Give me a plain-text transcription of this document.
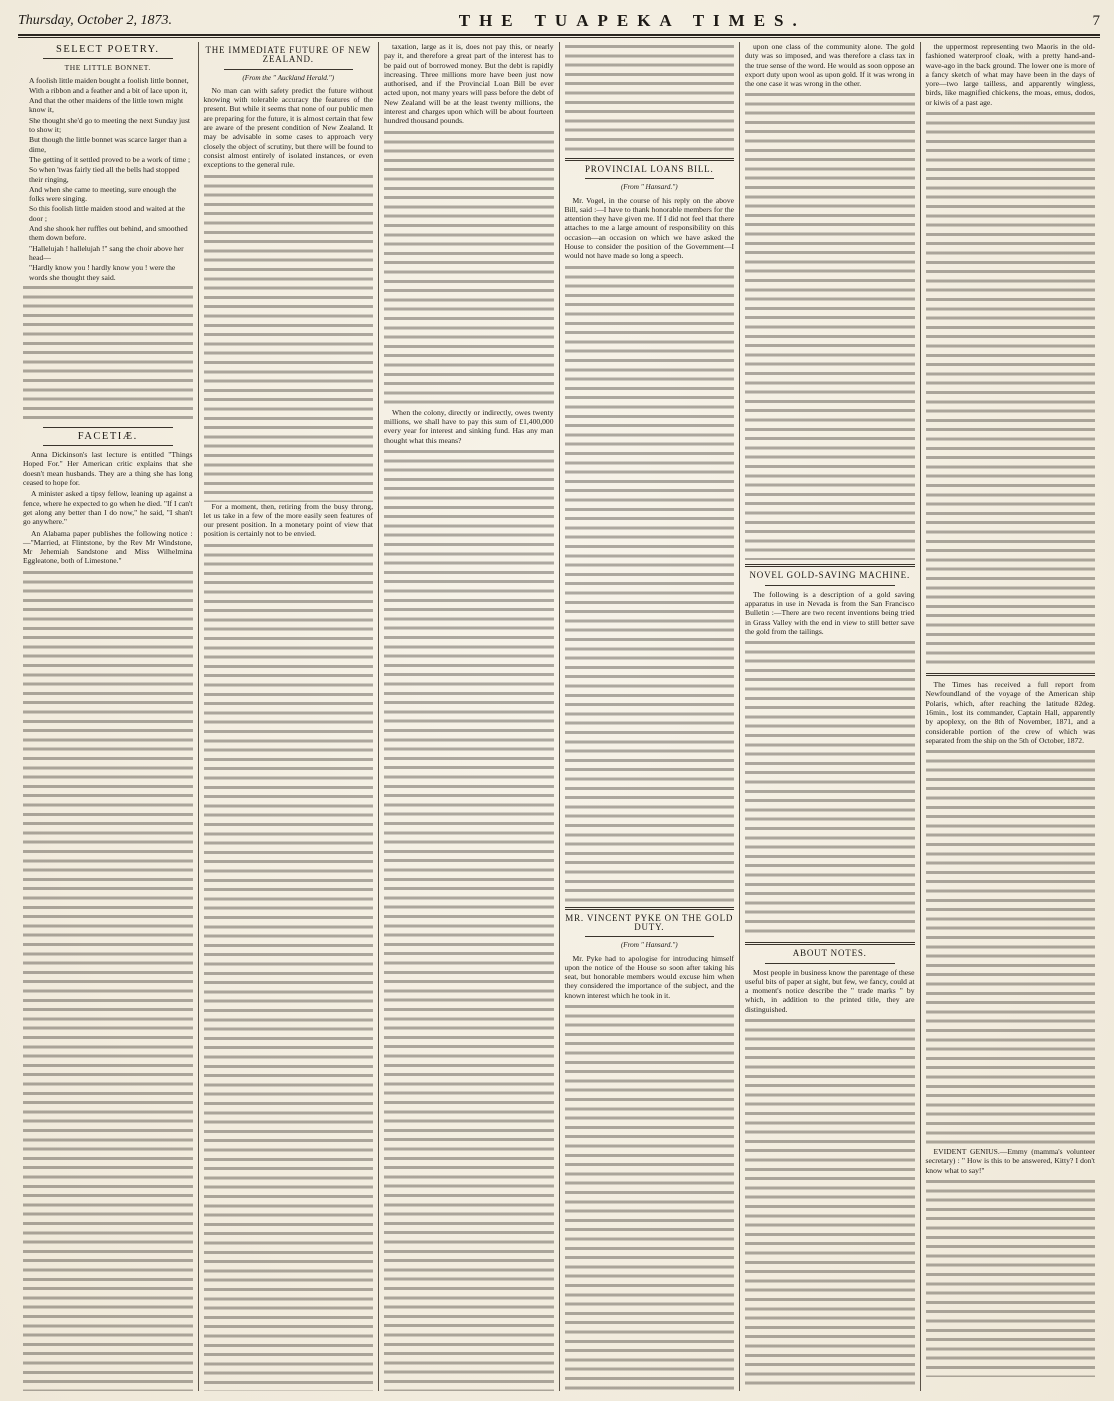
Thursday, October 2, 1873.	THE TUAPEKA TIMES.	7
SELECT POETRY.
THE LITTLE BONNET.

A foolish little maiden bought a foolish little bonnet,

With a ribbon and a feather and a bit of lace upon it,

And that the other maidens of the little town might know it,

She thought she'd go to meeting the next Sunday just to show it;

But though the little bonnet was scarce larger than a dime,

The getting of it settled proved to be a work of time ;

So when 'twas fairly tied all the bells had stopped their ringing,

And when she came to meeting, sure enough the folks were singing.

So this foolish little maiden stood and waited at the door ;

And she shook her ruffles out behind, and smoothed them down before.

"Hallelujah ! hallelujah !" sang the choir above her head—

"Hardly know you ! hardly know you ! were the words she thought they said.

FACETIÆ.

Anna Dickinson's last lecture is entitled "Things Hoped For." Her American critic explains that she doesn't mean husbands. They are a thing she has long ceased to hope for.

A minister asked a tipsy fellow, leaning up against a fence, where he expected to go when he died. "If I can't get along any better than I do now," he said, "I shan't go anywhere."

An Alabama paper publishes the following notice :—"Married, at Flintstone, by the Rev Mr Windstone, Mr Jehemiah Sandstone and Miss Wilhelmina Eggleatone, both of Limestone."

THE IMMEDIATE FUTURE OF NEW ZEALAND.
(From the " Auckland Herald.")

No man can with safety predict the future without knowing with tolerable accuracy the features of the present. But while it seems that none of our public men are preparing for the future, it is almost certain that few are aware of the present condition of New Zealand. It may be advisable in some cases to approach very closely the object of scrutiny, but there will be found to consist almost entirely of isolated instances, or even exceptions to the general rule.

For a moment, then, retiring from the busy throng, let us take in a few of the more easily seen features of our present position. In a monetary point of view that position is certainly not to be envied.

taxation, large as it is, does not pay this, or nearly pay it, and therefore a great part of the interest has to be paid out of borrowed money. But the debt is rapidly increasing. Three millions more have been just now authorised, and if the Provincial Loan Bill be ever acted upon, not many years will pass before the debt of New Zealand will be at the least twenty millions, the interest and charges upon which will be about fourteen hundred thousand pounds.

When the colony, directly or indirectly, owes twenty millions, we shall have to pay this sum of £1,400,000 every year for interest and sinking fund. Has any man thought what this means?

PROVINCIAL LOANS BILL.
(From " Hansard.")

Mr. Vogel, in the course of his reply on the above Bill, said :—I have to thank honorable members for the attention they have given me. If I did not feel that there attaches to me a large amount of responsibility on this occasion—an occasion on which we have asked the House to consider the position of the Government—I would not have made so long a speech.

MR. VINCENT PYKE ON THE GOLD DUTY.
(From " Hansard.")

Mr. Pyke had to apologise for introducing himself upon the notice of the House so soon after taking his seat, but honorable members would excuse him when they considered the importance of the subject, and the known interest which he took in it.

upon one class of the community alone. The gold duty was so imposed, and was therefore a class tax in the true sense of the word. He would as soon oppose an export duty upon wool as upon gold. If it was wrong in the one case it was wrong in the other.

NOVEL GOLD-SAVING MACHINE.

The following is a description of a gold saving apparatus in use in Nevada is from the San Francisco Bulletin :—There are two recent inventions being tried in Grass Valley with the end in view to still better save the gold from the tailings.

ABOUT NOTES.

Most people in business know the parentage of these useful bits of paper at sight, but few, we fancy, could at a moment's notice describe the " trade marks " by which, in addition to the printed title, they are distinguished.

the uppermost representing two Maoris in the old-fashioned waterproof cloak, with a pretty hand-and-wave-ago in the back ground. The lower one is more of a fancy sketch of what may have been in the days of yore—two large tailless, and apparently wingless, birds, like magnified chickens, the moas, emus, dodos, or kiwis of a past age.

The Times has received a full report from Newfoundland of the voyage of the American ship Polaris, which, after reaching the latitude 82deg. 16min., lost its commander, Captain Hall, apparently by apoplexy, on the 8th of November, 1871, and a considerable portion of the crew of which was separated from the ship on the 5th of October, 1872.

EVIDENT GENIUS.—Emmy (mamma's volunteer secretary) : " How is this to be answered, Kitty? I don't know what to say!"
